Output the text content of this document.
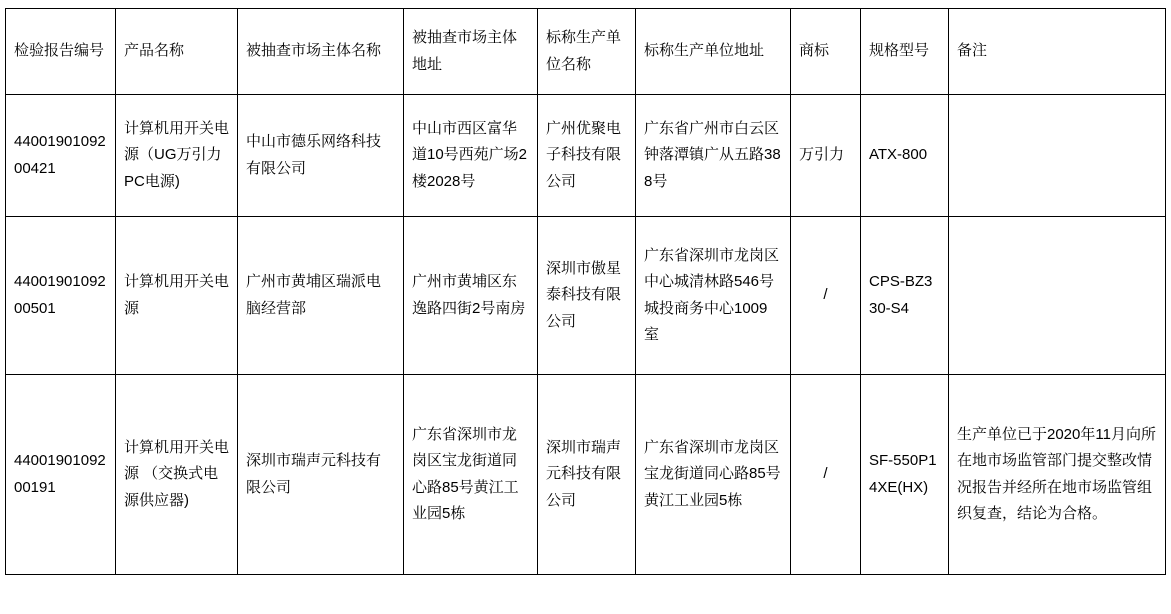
检验报告编号	产品名称	被抽查市场主体名称	被抽查市场主体地址	标称生产单位名称	标称生产单位地址	商标	规格型号	备注
4400190109200421	计算机用开关电源（UG万引力PC电源)	中山市德乐网络科技有限公司	中山市西区富华道10号西苑广场2楼2028号	广州优聚电子科技有限公司	广东省广州市白云区钟落潭镇广从五路388号	万引力	ATX-800	
4400190109200501	计算机用开关电源	广州市黄埔区瑞派电脑经营部	广州市黄埔区东逸路四街2号南房	深圳市傲星泰科技有限公司	广东省深圳市龙岗区中心城清林路546号城投商务中心1009室	/	CPS-BZ330-S4	
4400190109200191	计算机用开关电源 （交换式电源供应器)	深圳市瑞声元科技有限公司	广东省深圳市龙岗区宝龙街道同心路85号黄江工业园5栋	深圳市瑞声元科技有限公司	广东省深圳市龙岗区宝龙街道同心路85号黄江工业园5栋	/	SF-550P14XE(HX)	生产单位已于2020年11月向所在地市场监管部门提交整改情况报告并经所在地市场监管组织复查，结论为合格。
